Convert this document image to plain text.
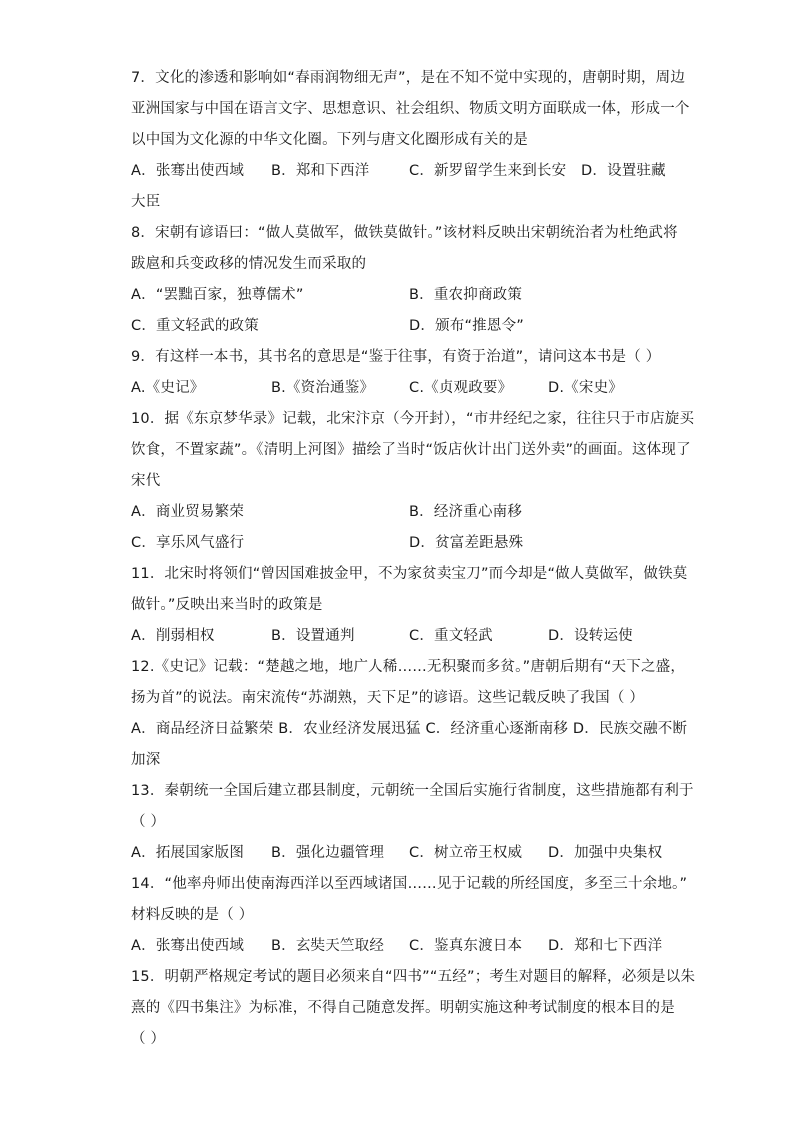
7．文化的渗透和影响如“春雨润物细无声”，是在不知不觉中实现的，唐朝时期，周边
亚洲国家与中国在语言文字、思想意识、社会组织、物质文明方面联成一体，形成一个
以中国为文化源的中华文化圈。下列与唐文化圈形成有关的是
A．张骞出使西域 B．郑和下西洋	C．新罗留学生来到长安 D．设置驻藏
大臣
8．宋朝有谚语曰：“做人莫做军，做铁莫做针。”该材料反映出宋朝统治者为杜绝武将
跋扈和兵变政移的情况发生而采取的
A．“罢黜百家，独尊儒术”	B．重农抑商政策
C．重文轻武的政策	D．颁布“推恩令”
9．有这样一本书，其书名的意思是“鉴于往事，有资于治道”，请问这本书是（ ）
A.《史记》	B.《资治通鉴》 C.《贞观政要》 D.《宋史》
10．据《东京梦华录》记载，北宋汴京（今开封），“市井经纪之家，往往只于市店旋买
饮食，不置家蔬”。《清明上河图》描绘了当时“饭店伙计出门送外卖”的画面。这体现了
宋代
A．商业贸易繁荣	B．经济重心南移
C．享乐风气盛行	D．贫富差距悬殊
11．北宋时将领们“曾因国难披金甲，不为家贫卖宝刀”而今却是“做人莫做军，做铁莫
做针。”反映出来当时的政策是
A．削弱相权	B．设置通判	C．重文轻武	D．设转运使
12.《史记》记载：“楚越之地，地广人稀……无积聚而多贫。”唐朝后期有“天下之盛，
扬为首”的说法。南宋流传“苏湖熟，天下足”的谚语。这些记载反映了我国（ ）
A．商品经济日益繁荣 B．农业经济发展迅猛 C．经济重心逐渐南移 D．民族交融不断
加深
13．秦朝统一全国后建立郡县制度，元朝统一全国后实施行省制度，这些措施都有利于
（ ）
A．拓展国家版图 B．强化边疆管理 C．树立帝王权威 D．加强中央集权
14．“他率舟师出使南海西洋以至西域诸国……见于记载的所经国度，多至三十余地。”
材料反映的是（ ）
A．张骞出使西域 B．玄奘天竺取经 C．鉴真东渡日本 D．郑和七下西洋
15．明朝严格规定考试的题目必须来自“四书”“五经”；考生对题目的解释，必须是以朱
熹的《四书集注》为标准，不得自己随意发挥。明朝实施这种考试制度的根本目的是
（ ）
